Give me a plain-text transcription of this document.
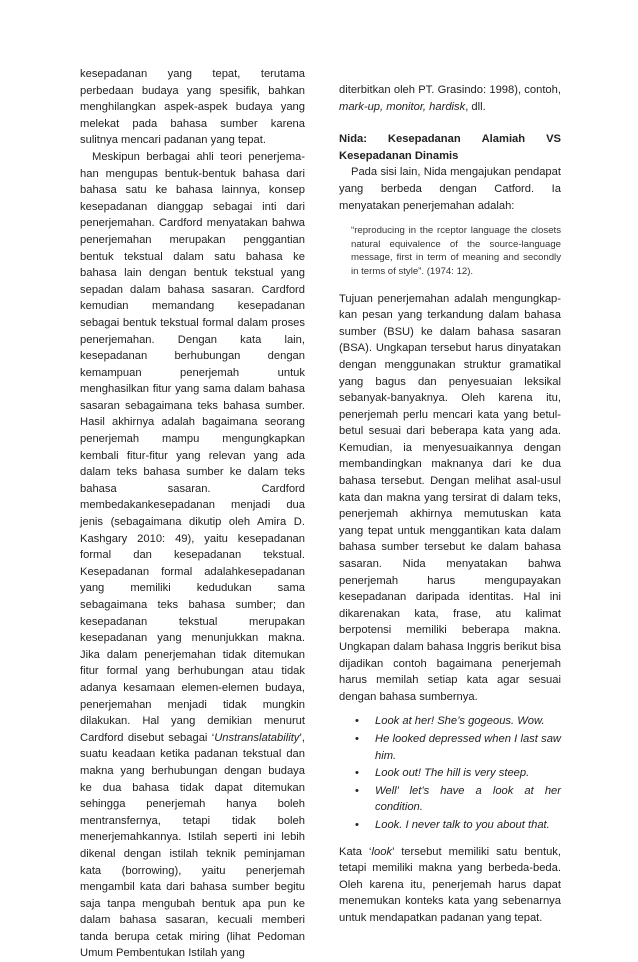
kesepadanan yang tepat, terutama perbedaan budaya yang spesifik, bahkan menghilangkan aspek-aspek budaya yang melekat pada bahasa sumber karena sulitnya mencari padanan yang tepat.

Meskipun berbagai ahli teori penerjema-han mengupas bentuk-bentuk bahasa dari bahasa satu ke bahasa lainnya, konsep kesepadanan dianggap sebagai inti dari penerjemahan. Cardford menyatakan bahwa penerjemahan merupakan penggantian bentuk tekstual dalam satu bahasa ke bahasa lain dengan bentuk tekstual yang sepadan dalam bahasa sasaran. Cardford kemudian memandang kesepadanan sebagai bentuk tekstual formal dalam proses penerjemahan. Dengan kata lain, kesepadanan berhubungan dengan kemampuan penerjemah untuk menghasilkan fitur yang sama dalam bahasa sasaran sebagaimana teks bahasa sumber. Hasil akhirnya adalah bagaimana seorang penerjemah mampu mengungkapkan kembali fitur-fitur yang relevan yang ada dalam teks bahasa sumber ke dalam teks bahasa sasaran. Cardford membedakankesepadanan menjadi dua jenis (sebagaimana dikutip oleh Amira D. Kashgary 2010: 49), yaitu kesepadanan formal dan kesepadanan tekstual. Kesepadanan formal adalahkesepadanan yang memiliki kedudukan sama sebagaimana teks bahasa sumber; dan kesepadanan tekstual merupakan kesepadanan yang menunjukkan makna. Jika dalam penerjemahan tidak ditemukan fitur formal yang berhubungan atau tidak adanya kesamaan elemen-elemen budaya, penerjemahan menjadi tidak mungkin dilakukan. Hal yang demikian menurut Cardford disebut sebagai ‘Unstranslatability’, suatu keadaan ketika padanan tekstual dan makna yang berhubungan dengan budaya ke dua bahasa tidak dapat ditemukan sehingga penerjemah hanya boleh mentransfernya, tetapi tidak boleh menerjemahkannya. Istilah seperti ini lebih dikenal dengan istilah teknik peminjaman kata (borrowing), yaitu penerjemah mengambil kata dari bahasa sumber begitu saja tanpa mengubah bentuk apa pun ke dalam bahasa sasaran, kecuali memberi tanda berupa cetak miring (lihat Pedoman Umum Pembentukan Istilah yang

diterbitkan oleh PT. Grasindo: 1998), contoh, mark-up, monitor, hardisk, dll.

Nida: Kesepadanan Alamiah VS

Kesepadanan Dinamis

Pada sisi lain, Nida mengajukan pendapat yang berbeda dengan Catford. Ia menyatakan penerjemahan adalah:

“reproducing in the rceptor language the closets natural equivalence of the source-language message, first in term of meaning and secondly in terms of style”. (1974: 12).

Tujuan penerjemahan adalah mengungkap-kan pesan yang terkandung dalam bahasa sumber (BSU) ke dalam bahasa sasaran (BSA). Ungkapan tersebut harus dinyatakan dengan menggunakan struktur gramatikal yang bagus dan penyesuaian leksikal sebanyak-banyaknya. Oleh karena itu, penerjemah perlu mencari kata yang betul-betul sesuai dari beberapa kata yang ada. Kemudian, ia menyesuaikannya dengan membandingkan maknanya dari ke dua bahasa tersebut. Dengan melihat asal-usul kata dan makna yang tersirat di dalam teks, penerjemah akhirnya memutuskan kata yang tepat untuk menggantikan kata dalam bahasa sumber tersebut ke dalam bahasa sasaran. Nida menyatakan bahwa penerjemah harus mengupayakan kesepadanan daripada identitas. Hal ini dikarenakan kata, frase, atu kalimat berpotensi memiliki beberapa makna. Ungkapan dalam bahasa Inggris berikut bisa dijadikan contoh bagaimana penerjemah harus memilah setiap kata agar sesuai dengan bahasa sumbernya.

• Look at her! She’s gogeous. Wow.
• He looked depressed when I last saw him.
• Look out! The hill is very steep.
• Well’ let’s have a look at her condition.
• Look. I never talk to you about that.

Kata ‘look’ tersebut memiliki satu bentuk, tetapi memiliki makna yang berbeda-beda. Oleh karena itu, penerjemah harus dapat menemukan konteks kata yang sebenarnya untuk mendapatkan padanan yang tepat.
